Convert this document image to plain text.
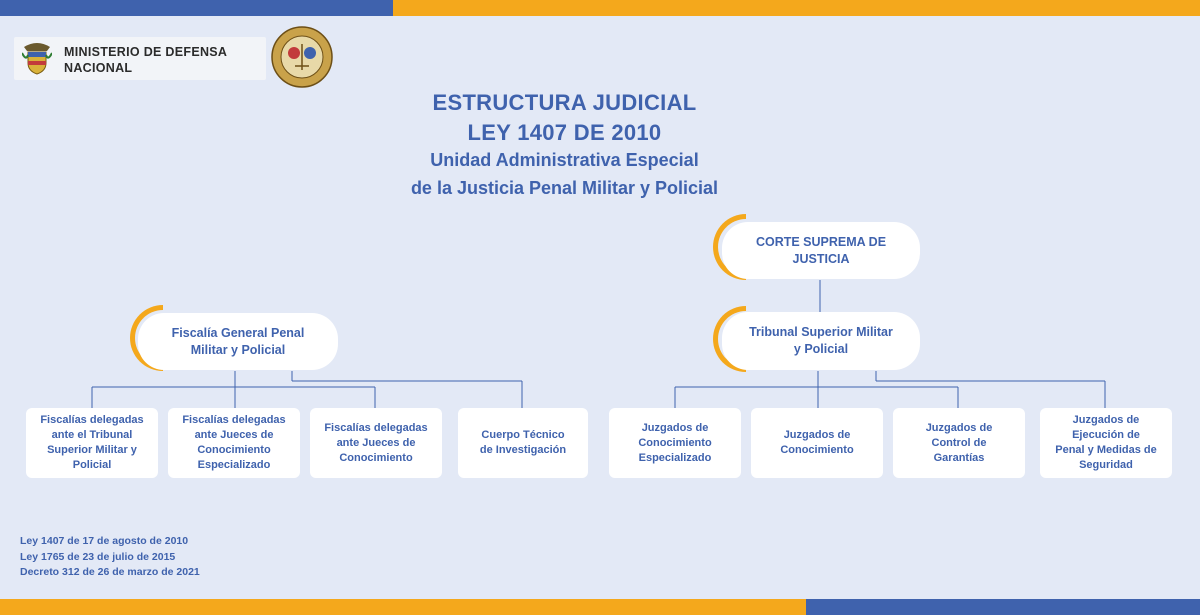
MINISTERIO DE DEFENSA
NACIONAL
ESTRUCTURA JUDICIAL
LEY 1407 DE 2010
Unidad Administrativa Especial
de la Justicia Penal Militar y Policial
CORTE SUPREMA DE
JUSTICIA
Tribunal Superior Militar
y Policial
Fiscalía General Penal
Militar y Policial
Fiscalías delegadas
ante el Tribunal
Superior Militar y
Policial
Fiscalías delegadas
ante Jueces de
Conocimiento
Especializado
Fiscalías delegadas
ante Jueces de
Conocimiento
Cuerpo Técnico
de Investigación
Juzgados de
Conocimiento
Especializado
Juzgados de
Conocimiento
Juzgados de
Control de
Garantías
Juzgados de
Ejecución de
Penal y Medidas de
Seguridad
Ley 1407 de 17 de agosto de 2010
Ley 1765 de 23 de julio de 2015
Decreto 312 de 26 de marzo de 2021
